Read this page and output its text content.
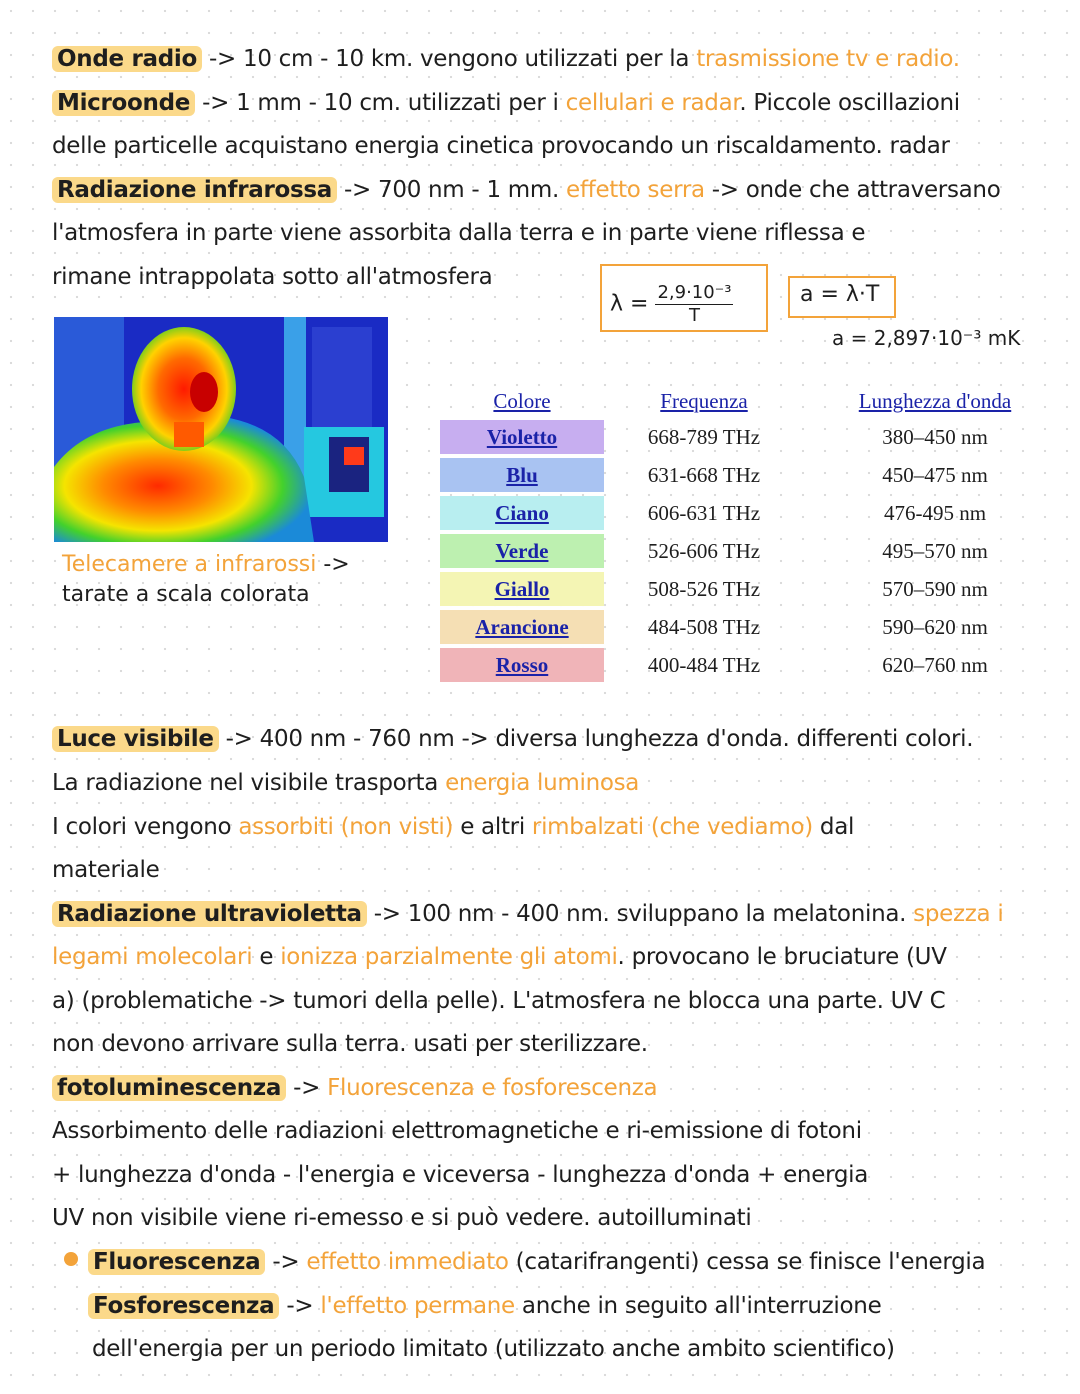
Onde radio -> 10 cm - 10 km. vengono utilizzati per la trasmissione tv e radio.
Microonde -> 1 mm - 10 cm. utilizzati per i cellulari e radar. Piccole oscillazioni
delle particelle acquistano energia cinetica provocando un riscaldamento. radar
Radiazione infrarossa -> 700 nm - 1 mm. effetto serra -> onde che attraversano
l'atmosfera in parte viene assorbita dalla terra e in parte viene riflessa e
rimane intrappolata sotto all'atmosfera
$\lambda = \frac{\text{2,9·10⁻³}}{T}$	a = λ·T
a = 2,897·10⁻³ mK
Telecamere a infrarossi ->
tarate a scala colorata
Colore	Frequenza	Lunghezza d'onda
Violetto	668-789 THz	380–450 nm
Blu	631-668 THz	450–475 nm
Ciano	606-631 THz	476-495 nm
Verde	526-606 THz	495–570 nm
Giallo	508-526 THz	570–590 nm
Arancione	484-508 THz	590–620 nm
Rosso	400-484 THz	620–760 nm
Luce visibile -> 400 nm - 760 nm -> diversa lunghezza d'onda. differenti colori.
La radiazione nel visibile trasporta energia luminosa
I colori vengono assorbiti (non visti) e altri rimbalzati (che vediamo) dal
materiale
Radiazione ultravioletta -> 100 nm - 400 nm. sviluppano la melatonina. spezza i
legami molecolari e ionizza parzialmente gli atomi. provocano le bruciature (UV
a) (problematiche -> tumori della pelle). L'atmosfera ne blocca una parte. UV C
non devono arrivare sulla terra. usati per sterilizzare.
fotoluminescenza -> Fluorescenza e fosforescenza
Assorbimento delle radiazioni elettromagnetiche e ri-emissione di fotoni
+ lunghezza d'onda - l'energia e viceversa - lunghezza d'onda + energia
UV non visibile viene ri-emesso e si può vedere. autoilluminati
Fluorescenza -> effetto immediato (catarifrangenti) cessa se finisce l'energia
Fosforescenza -> l'effetto permane anche in seguito all'interruzione
dell'energia per un periodo limitato (utilizzato anche ambito scientifico)
